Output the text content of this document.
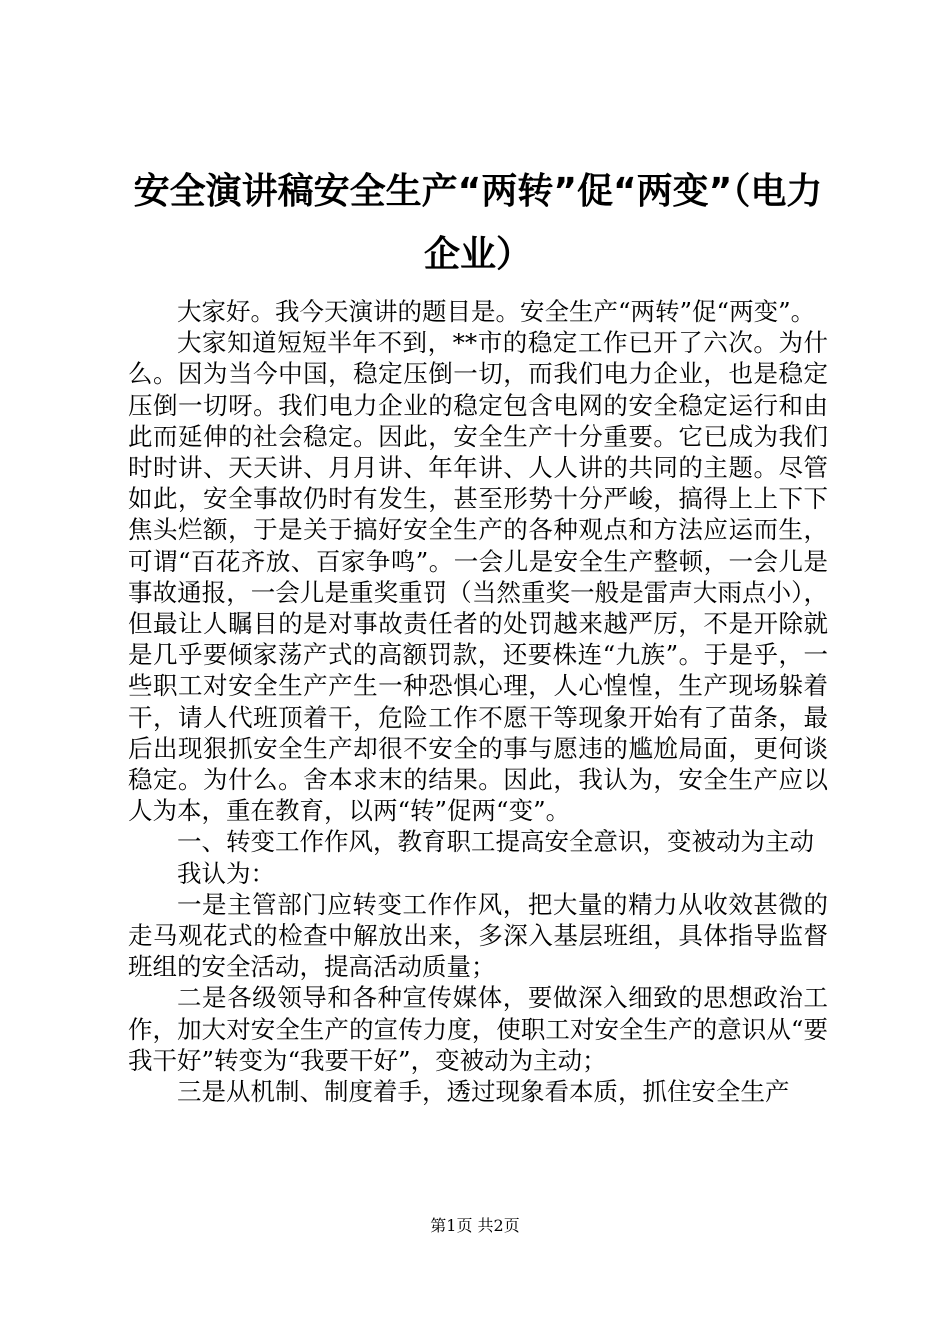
安全演讲稿安全生产“两转”促“两变”（电力企业）

大家好。我今天演讲的题目是。安全生产“两转”促“两变”。

大家知道短短半年不到，**市的稳定工作已开了六次。为什么。因为当今中国，稳定压倒一切，而我们电力企业，也是稳定压倒一切呀。我们电力企业的稳定包含电网的安全稳定运行和由此而延伸的社会稳定。因此，安全生产十分重要。它已成为我们时时讲、天天讲、月月讲、年年讲、人人讲的共同的主题。尽管如此，安全事故仍时有发生，甚至形势十分严峻，搞得上上下下焦头烂额，于是关于搞好安全生产的各种观点和方法应运而生，可谓“百花齐放、百家争鸣”。一会儿是安全生产整顿，一会儿是事故通报，一会儿是重奖重罚（当然重奖一般是雷声大雨点小），但最让人瞩目的是对事故责任者的处罚越来越严厉，不是开除就是几乎要倾家荡产式的高额罚款，还要株连“九族”。于是乎，一些职工对安全生产产生一种恐惧心理，人心惶惶，生产现场躲着干，请人代班顶着干，危险工作不愿干等现象开始有了苗条，最后出现狠抓安全生产却很不安全的事与愿违的尴尬局面，更何谈稳定。为什么。舍本求末的结果。因此，我认为，安全生产应以人为本，重在教育，以两“转”促两“变”。

一、转变工作作风，教育职工提高安全意识，变被动为主动

我认为：

一是主管部门应转变工作作风，把大量的精力从收效甚微的走马观花式的检查中解放出来，多深入基层班组，具体指导监督班组的安全活动，提高活动质量；

二是各级领导和各种宣传媒体，要做深入细致的思想政治工作，加大对安全生产的宣传力度，使职工对安全生产的意识从“要我干好”转变为“我要干好”，变被动为主动；

三是从机制、制度着手，透过现象看本质，抓住安全生产

第1页 共2页
